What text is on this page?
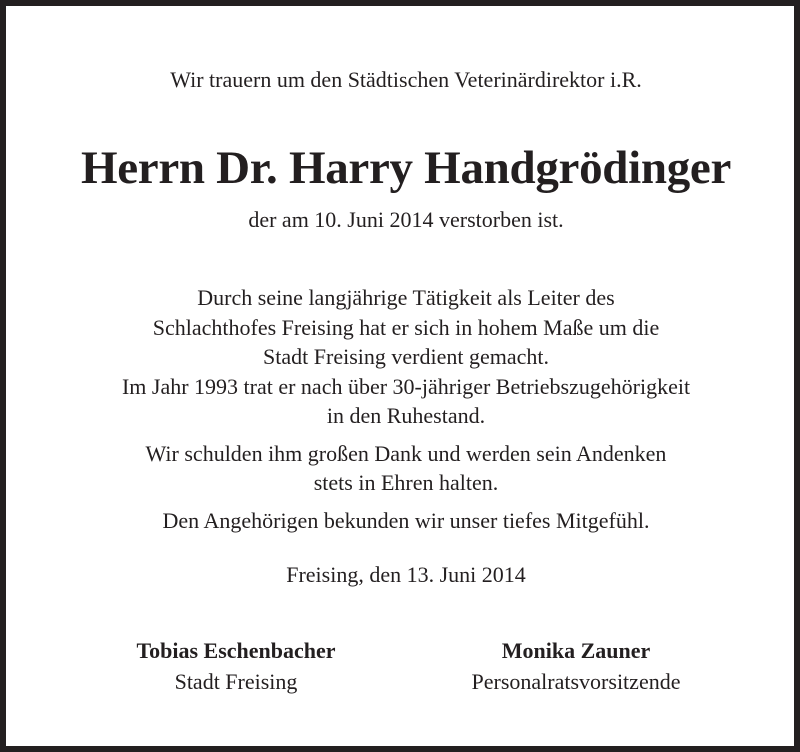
Wir trauern um den Städtischen Veterinärdirektor i.R.
Herrn Dr. Harry Handgrödinger
der am 10. Juni 2014 verstorben ist.

Durch seine langjährige Tätigkeit als Leiter des
Schlachthofes Freising hat er sich in hohem Maße um die
Stadt Freising verdient gemacht.
Im Jahr 1993 trat er nach über 30-jähriger Betriebszugehörigkeit
in den Ruhestand.

Wir schulden ihm großen Dank und werden sein Andenken
stets in Ehren halten.

Den Angehörigen bekunden wir unser tiefes Mitgefühl.

Freising, den 13. Juni 2014
Tobias Eschenbacher
Stadt Freising
Monika Zauner
Personalratsvorsitzende
